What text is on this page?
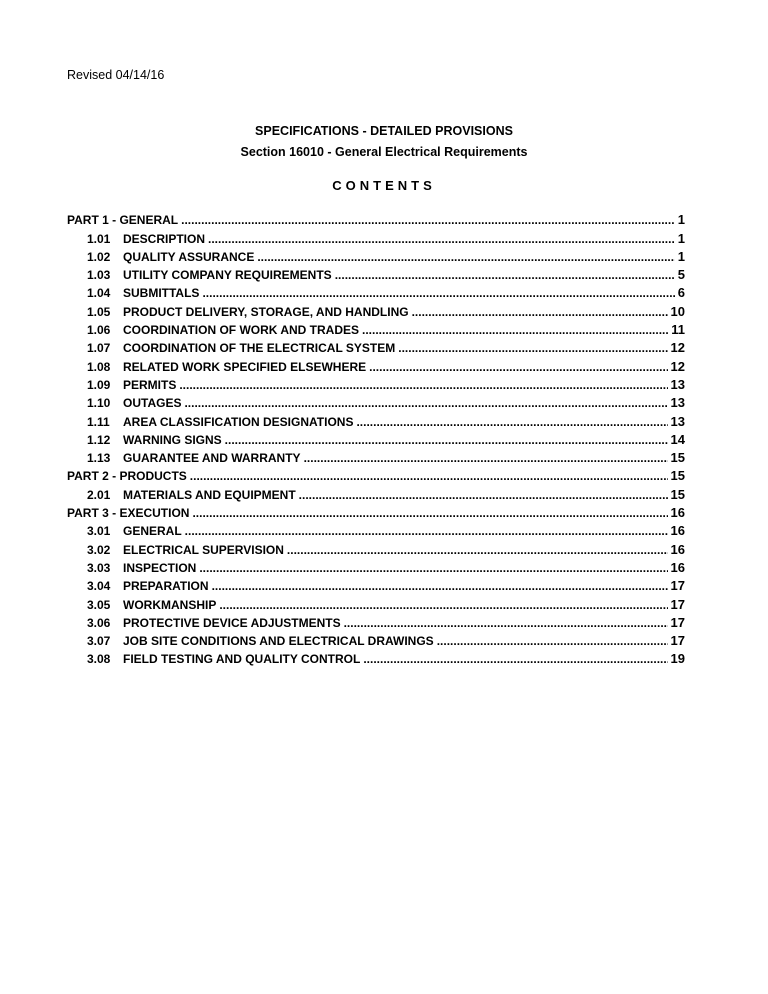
Revised 04/14/16
SPECIFICATIONS - DETAILED PROVISIONS
Section 16010 - General Electrical Requirements
CONTENTS
PART 1 - GENERAL .....	1
1.01	DESCRIPTION .....	1
1.02	QUALITY ASSURANCE .....	1
1.03	UTILITY COMPANY REQUIREMENTS .....	5
1.04	SUBMITTALS .....	6
1.05	PRODUCT DELIVERY, STORAGE, AND HANDLING .....	10
1.06	COORDINATION OF WORK AND TRADES .....	11
1.07	COORDINATION OF THE ELECTRICAL SYSTEM .....	12
1.08	RELATED WORK SPECIFIED ELSEWHERE .....	12
1.09	PERMITS .....	13
1.10	OUTAGES .....	13
1.11	AREA CLASSIFICATION DESIGNATIONS .....	13
1.12	WARNING SIGNS .....	14
1.13	GUARANTEE AND WARRANTY .....	15
PART 2 - PRODUCTS .....	15
2.01	MATERIALS AND EQUIPMENT .....	15
PART 3 - EXECUTION .....	16
3.01	GENERAL .....	16
3.02	ELECTRICAL SUPERVISION .....	16
3.03	INSPECTION .....	16
3.04	PREPARATION .....	17
3.05	WORKMANSHIP .....	17
3.06	PROTECTIVE DEVICE ADJUSTMENTS .....	17
3.07	JOB SITE CONDITIONS AND ELECTRICAL DRAWINGS .....	17
3.08	FIELD TESTING AND QUALITY CONTROL .....	19
